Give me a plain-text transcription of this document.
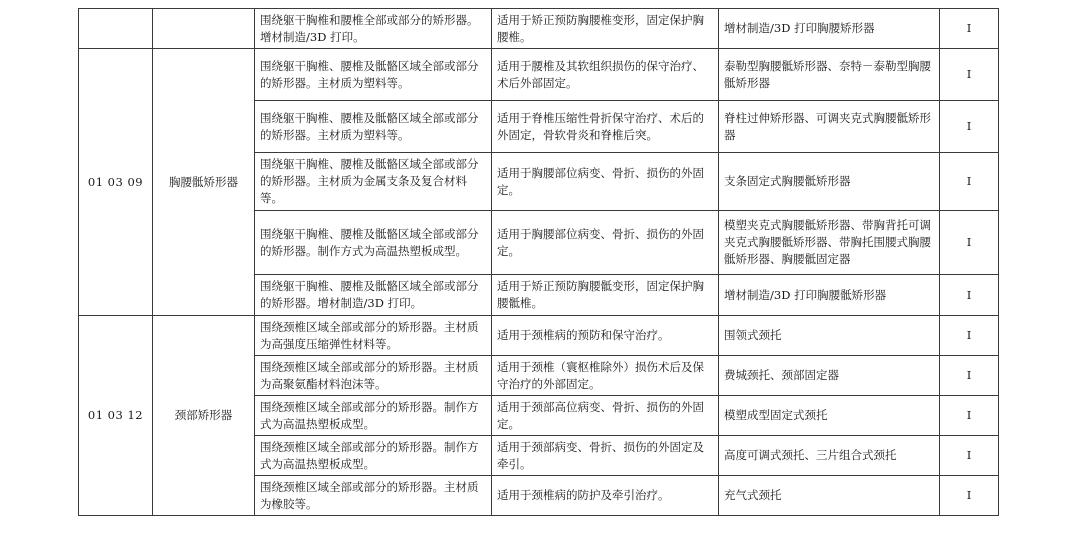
		围绕躯干胸椎和腰椎全部或部分的矫形器。增材制造/3D 打印。	适用于矫正预防胸腰椎变形，固定保护胸腰椎。	增材制造/3D 打印胸腰矫形器	I
01 03 09	胸腰骶矫形器	围绕躯干胸椎、腰椎及骶骼区域全部或部分的矫形器。主材质为塑料等。	适用于腰椎及其软组织损伤的保守治疗、术后外部固定。	泰勒型胸腰骶矫形器、奈特－泰勒型胸腰骶矫形器	I
		围绕躯干胸椎、腰椎及骶骼区域全部或部分的矫形器。主材质为塑料等。	适用于脊椎压缩性骨折保守治疗、术后的外固定，骨软骨炎和脊椎后突。	脊柱过伸矫形器、可调夹克式胸腰骶矫形器	I
		围绕躯干胸椎、腰椎及骶骼区域全部或部分的矫形器。主材质为金属支条及复合材料等。	适用于胸腰部位病变、骨折、损伤的外固定。	支条固定式胸腰骶矫形器	I
		围绕躯干胸椎、腰椎及骶骼区域全部或部分的矫形器。制作方式为高温热塑板成型。	适用于胸腰部位病变、骨折、损伤的外固定。	模塑夹克式胸腰骶矫形器、带胸背托可调夹克式胸腰骶矫形器、带胸托围腰式胸腰骶矫形器、胸腰骶固定器	I
		围绕躯干胸椎、腰椎及骶骼区域全部或部分的矫形器。增材制造/3D 打印。	适用于矫正预防胸腰骶变形，固定保护胸腰骶椎。	增材制造/3D 打印胸腰骶矫形器	I
01 03 12	颈部矫形器	围绕颈椎区域全部或部分的矫形器。主材质为高强度压缩弹性材料等。	适用于颈椎病的预防和保守治疗。	围领式颈托	I
		围绕颈椎区域全部或部分的矫形器。主材质为高聚氨酯材料泡沫等。	适用于颈椎（寰枢椎除外）损伤术后及保守治疗的外部固定。	费城颈托、颈部固定器	I
		围绕颈椎区域全部或部分的矫形器。制作方式为高温热塑板成型。	适用于颈部高位病变、骨折、损伤的外固定。	模塑成型固定式颈托	I
		围绕颈椎区域全部或部分的矫形器。制作方式为高温热塑板成型。	适用于颈部病变、骨折、损伤的外固定及牵引。	高度可调式颈托、三片组合式颈托	I
		围绕颈椎区域全部或部分的矫形器。主材质为橡胶等。	适用于颈椎病的防护及牵引治疗。	充气式颈托	I
